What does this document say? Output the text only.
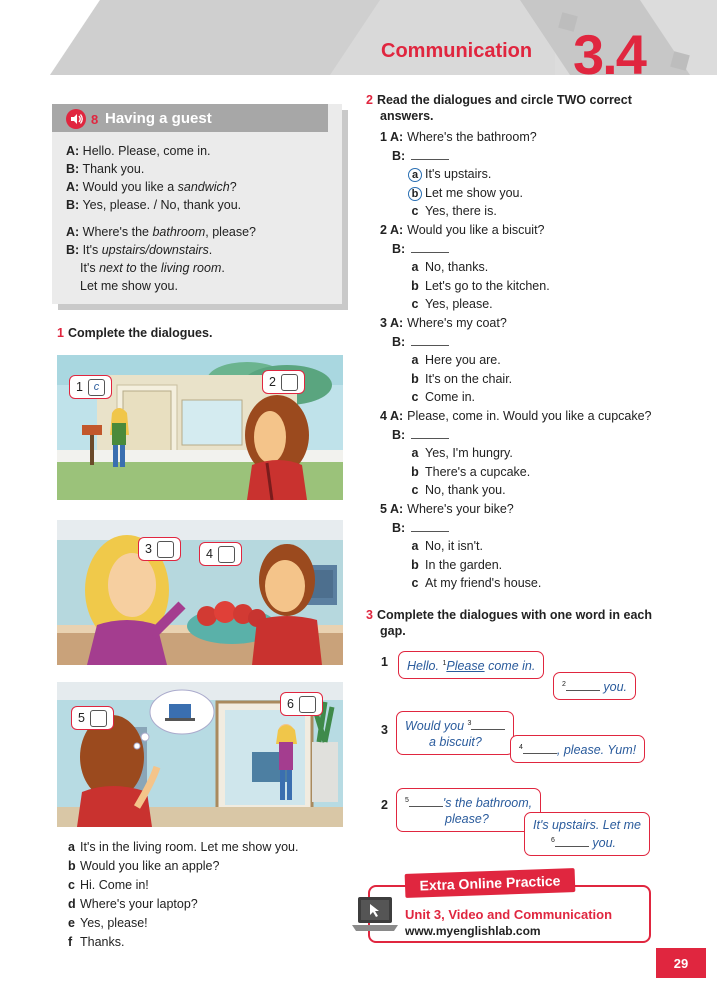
Communication 3.4
8 Having a guest
A: Hello. Please, come in.
B: Thank you.
A: Would you like a sandwich?
B: Yes, please. / No, thank you.
A: Where's the bathroom, please?
B: It's upstairs/downstairs.
It's next to the living room.
Let me show you.
1 Complete the dialogues.
1 c	2
3	4
5
6
a It's in the living room. Let me show you.
b Would you like an apple?
c Hi. Come in!
d Where's your laptop?
e Yes, please!
f Thanks.
2 Read the dialogues and circle TWO correct
answers.
1 A: Where's the bathroom?
B:
a It's upstairs.
b Let me show you.
c Yes, there is.
2 A: Would you like a biscuit?
B:
a No, thanks.
b Let's go to the kitchen.
c Yes, please.
3 A: Where's my coat?
B:
a Here you are.
b It's on the chair.
c Come in.
4 A: Please, come in. Would you like a cupcake?
B:
a Yes, I'm hungry.
b There's a cupcake.
c No, thank you.
5 A: Where's your bike?
B:
a No, it isn't.
b In the garden.
c At my friend's house.
3 Complete the dialogues with one word in each
gap.
1
3
2
Hello. $^1$Please come in.
$^2$	you.
Would you $^3$
a biscuit?	$^4$	, please. Yum!
$^5$	's the bathroom,
please?	It's upstairs. Let me
$^6$	you.
Extra Online Practice
Unit 3, Video and Communication
www.myenglishlab.com
29
